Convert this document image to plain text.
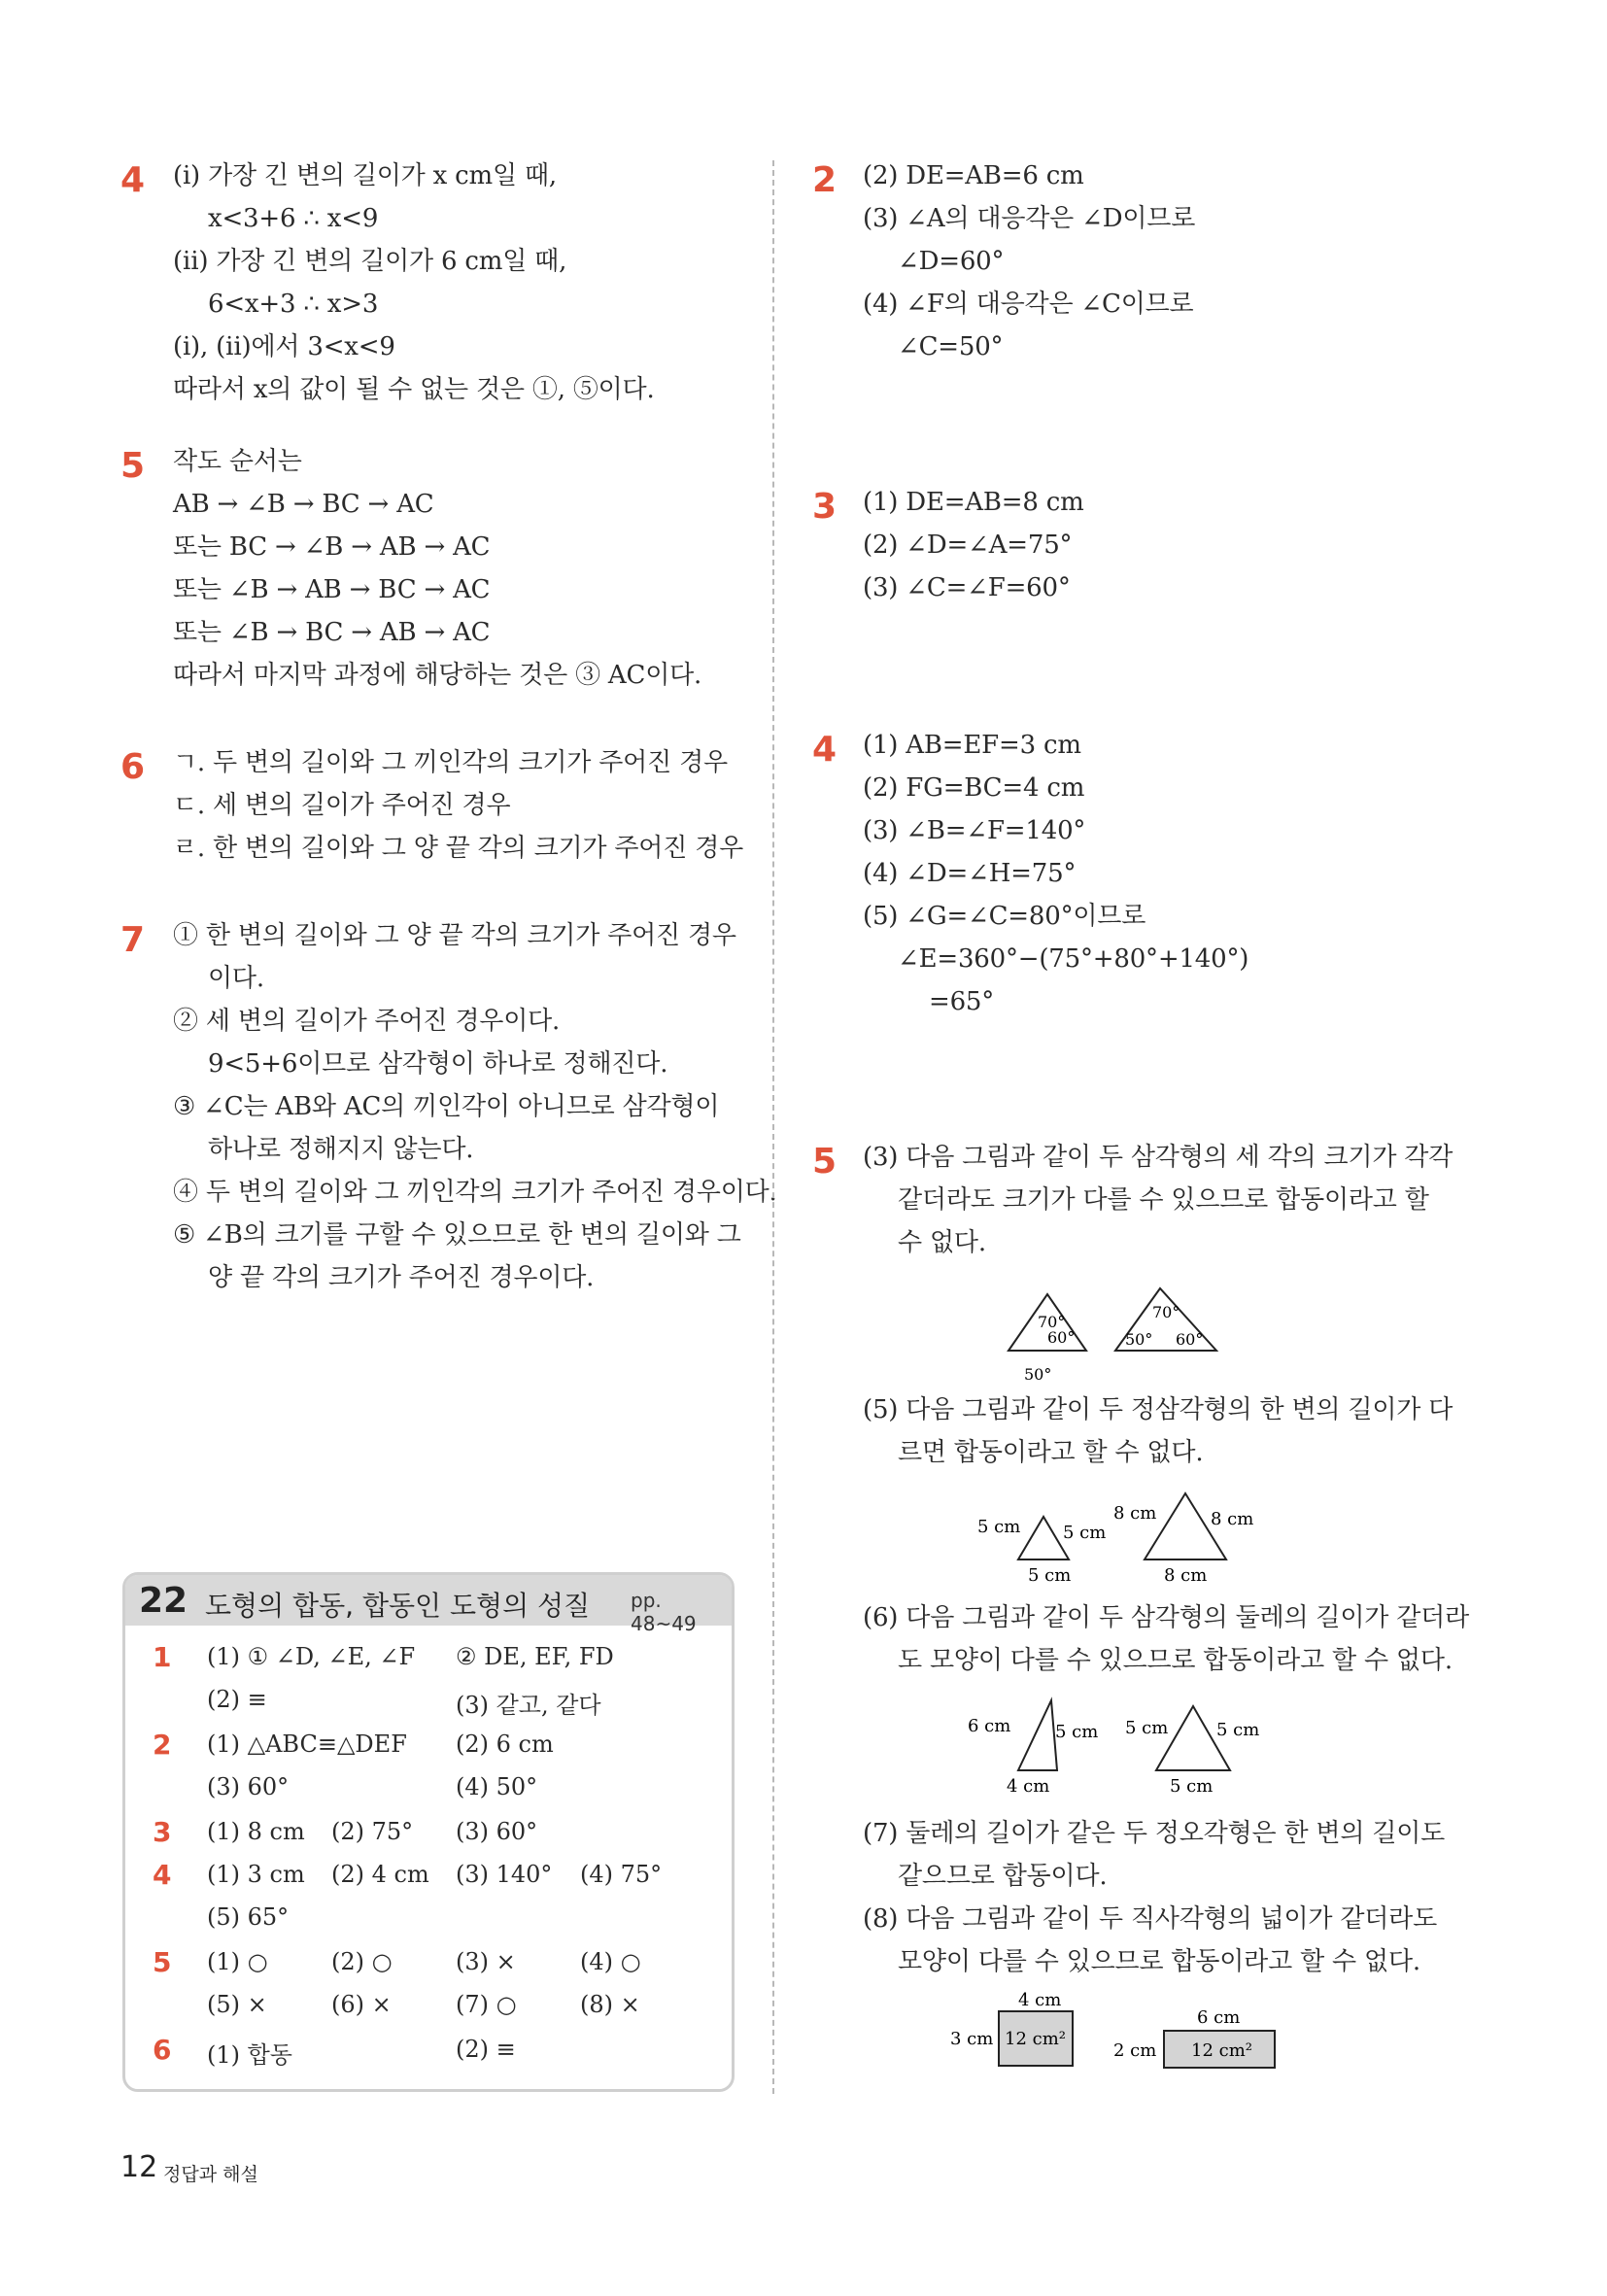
4 (ⅰ) 가장 긴 변의 길이가 x cm일 때,
x<3+6 ∴ x<9
(ⅱ) 가장 긴 변의 길이가 6 cm일 때,
6<x+3 ∴ x>3
(ⅰ), (ⅱ)에서 3<x<9
따라서 x의 값이 될 수 없는 것은 ①, ⑤이다.
5 작도 순서는
AB → ∠B → BC → AC
또는 BC → ∠B → AB → AC
또는 ∠B → AB → BC → AC
또는 ∠B → BC → AB → AC
따라서 마지막 과정에 해당하는 것은 ③ AC이다.
6 ㄱ. 두 변의 길이와 그 끼인각의 크기가 주어진 경우
ㄷ. 세 변의 길이가 주어진 경우
ㄹ. 한 변의 길이와 그 양 끝 각의 크기가 주어진 경우
7 ① 한 변의 길이와 그 양 끝 각의 크기가 주어진 경우
이다.
② 세 변의 길이가 주어진 경우이다.
9<5+6이므로 삼각형이 하나로 정해진다.
③ ∠C는 AB와 AC의 끼인각이 아니므로 삼각형이
하나로 정해지지 않는다.
④ 두 변의 길이와 그 끼인각의 크기가 주어진 경우이다.
⑤ ∠B의 크기를 구할 수 있으므로 한 변의 길이와 그
양 끝 각의 크기가 주어진 경우이다.
22 도형의 합동, 합동인 도형의 성질 pp. 48~49
1 (1) ① ∠D, ∠E, ∠F ② DE, EF, FD
(2) ≡	(3) 같고, 같다
2 (1) △ABC≡△DEF (2) 6 cm
(3) 60°	(4) 50°
3 (1) 8 cm (2) 75° (3) 60°
4 (1) 3 cm (2) 4 cm (3) 140° (4) 75°
(5) 65°
5 (1) ○	(2) ○	(3) ×	(4) ○
(5) ×	(6) ×	(7) ○	(8) ×
6 (1) 합동	(2) ≡
2 (2) DE=AB=6 cm
(3) ∠A의 대응각은 ∠D이므로
∠D=60°
(4) ∠F의 대응각은 ∠C이므로
∠C=50°
3 (1) DE=AB=8 cm
(2) ∠D=∠A=75°
(3) ∠C=∠F=60°
4 (1) AB=EF=3 cm
(2) FG=BC=4 cm
(3) ∠B=∠F=140°
(4) ∠D=∠H=75°
(5) ∠G=∠C=80°이므로
∠E=360°−(75°+80°+140°)
=65°
5 (3) 다음 그림과 같이 두 삼각형의 세 각의 크기가 각각
같더라도 크기가 다를 수 있으므로 합동이라고 할
수 없다.
(5) 다음 그림과 같이 두 정삼각형의 한 변의 길이가 다
르면 합동이라고 할 수 없다.
(6) 다음 그림과 같이 두 삼각형의 둘레의 길이가 같더라
도 모양이 다를 수 있으므로 합동이라고 할 수 없다.
(7) 둘레의 길이가 같은 두 정오각형은 한 변의 길이도
같으므로 합동이다.
(8) 다음 그림과 같이 두 직사각형의 넓이가 같더라도
모양이 다를 수 있으므로 합동이라고 할 수 없다.
70°
60°
50°
70°
50° 60°
5 cm 5 cm
5 cm
8 cm	8 cm
8 cm
6 cm	5 cm
4 cm
5 cm	5 cm
5 cm
4 cm
3 cm 12 cm²
6 cm
2 cm 12 cm²
12 정답과 해설
